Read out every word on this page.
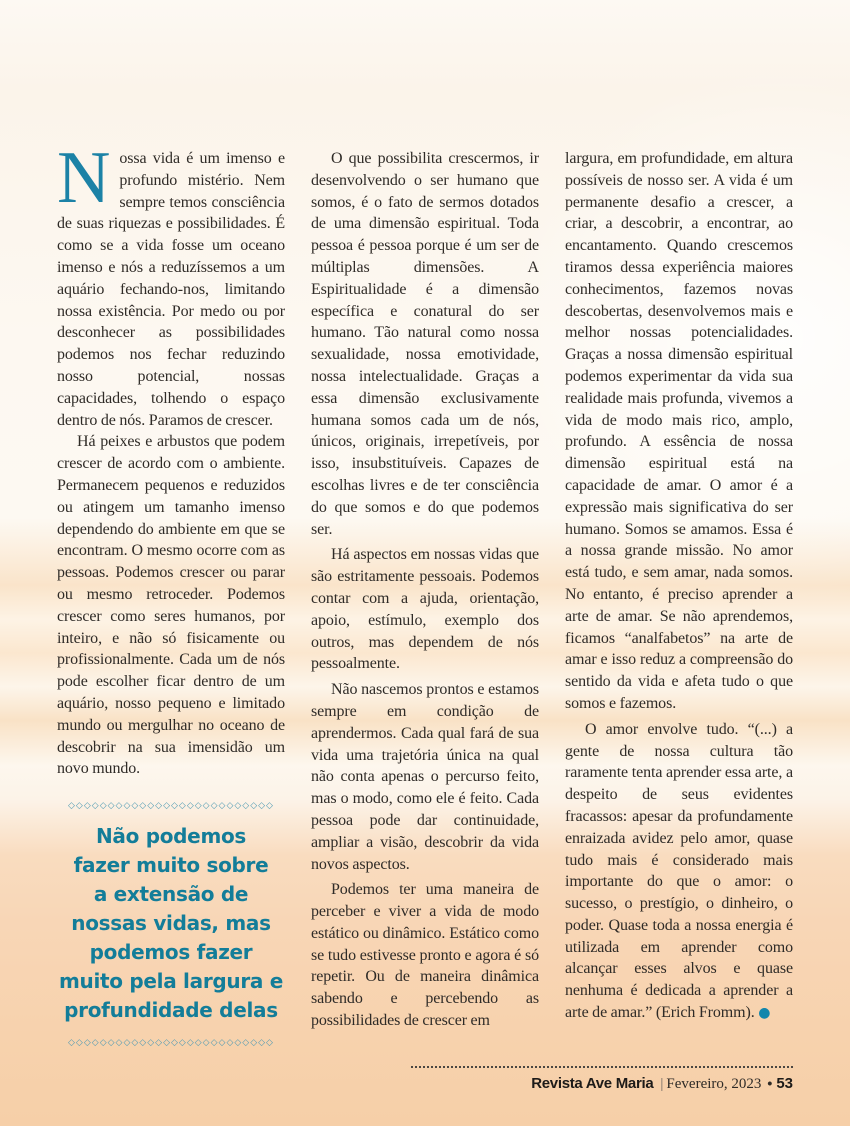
Nossa vida é um imenso e profundo mistério. Nem sempre temos consciência de suas riquezas e possibilidades. É como se a vida fosse um oceano imenso e nós a reduzíssemos a um aquário fechando-nos, limitando nossa existência. Por medo ou por desconhecer as possibilidades podemos nos fechar reduzindo nosso potencial, nossas capacidades, tolhendo o espaço dentro de nós. Paramos de crescer.

Há peixes e arbustos que podem crescer de acordo com o ambiente. Permanecem pequenos e reduzidos ou atingem um tamanho imenso dependendo do ambiente em que se encontram. O mesmo ocorre com as pessoas. Podemos crescer ou parar ou mesmo retroceder. Podemos crescer como seres humanos, por inteiro, e não só fisicamente ou profissionalmente. Cada um de nós pode escolher ficar dentro de um aquário, nosso pequeno e limitado mundo ou mergulhar no oceano de descobrir na sua imensidão um novo mundo.

◇◇◇◇◇◇◇◇◇◇◇◇◇◇◇◇◇◇◇◇◇◇◇◇◇◇
Não podemos
fazer muito sobre
a extensão de
nossas vidas, mas
podemos fazer
muito pela largura e
profundidade delas
◇◇◇◇◇◇◇◇◇◇◇◇◇◇◇◇◇◇◇◇◇◇◇◇◇◇

O que possibilita crescermos, ir desenvolvendo o ser humano que somos, é o fato de sermos dotados de uma dimensão espiritual. Toda pessoa é pessoa porque é um ser de múltiplas dimensões. A Espiritualidade é a dimensão específica e conatural do ser humano. Tão natural como nossa sexualidade, nossa emotividade, nossa intelectualidade. Graças a essa dimensão exclusivamente humana somos cada um de nós, únicos, originais, irrepetíveis, por isso, insubstituíveis. Capazes de escolhas livres e de ter consciência do que somos e do que podemos ser.

Há aspectos em nossas vidas que são estritamente pessoais. Podemos contar com a ajuda, orientação, apoio, estímulo, exemplo dos outros, mas dependem de nós pessoalmente.

Não nascemos prontos e estamos sempre em condição de aprendermos. Cada qual fará de sua vida uma trajetória única na qual não conta apenas o percurso feito, mas o modo, como ele é feito. Cada pessoa pode dar continuidade, ampliar a visão, descobrir da vida novos aspectos.

Podemos ter uma maneira de perceber e viver a vida de modo estático ou dinâmico. Estático como se tudo estivesse pronto e agora é só repetir. Ou de maneira dinâmica sabendo e percebendo as possibilidades de crescer em

largura, em profundidade, em altura possíveis de nosso ser. A vida é um permanente desafio a crescer, a criar, a descobrir, a encontrar, ao encantamento. Quando crescemos tiramos dessa experiência maiores conhecimentos, fazemos novas descobertas, desenvolvemos mais e melhor nossas potencialidades. Graças a nossa dimensão espiritual podemos experimentar da vida sua realidade mais profunda, vivemos a vida de modo mais rico, amplo, profundo. A essência de nossa dimensão espiritual está na capacidade de amar. O amor é a expressão mais significativa do ser humano. Somos se amamos. Essa é a nossa grande missão. No amor está tudo, e sem amar, nada somos. No entanto, é preciso aprender a arte de amar. Se não aprendemos, ficamos “analfabetos” na arte de amar e isso reduz a compreensão do sentido da vida e afeta tudo o que somos e fazemos.

O amor envolve tudo. “(...) a gente de nossa cultura tão raramente tenta aprender essa arte, a despeito de seus evidentes fracassos: apesar da profundamente enraizada avidez pelo amor, quase tudo mais é considerado mais importante do que o amor: o sucesso, o prestígio, o dinheiro, o poder. Quase toda a nossa energia é utilizada em aprender como alcançar esses alvos e quase nenhuma é dedicada a aprender a arte de amar.” (Erich Fromm). ●

Revista Ave Maria | Fevereiro, 2023 • 53
